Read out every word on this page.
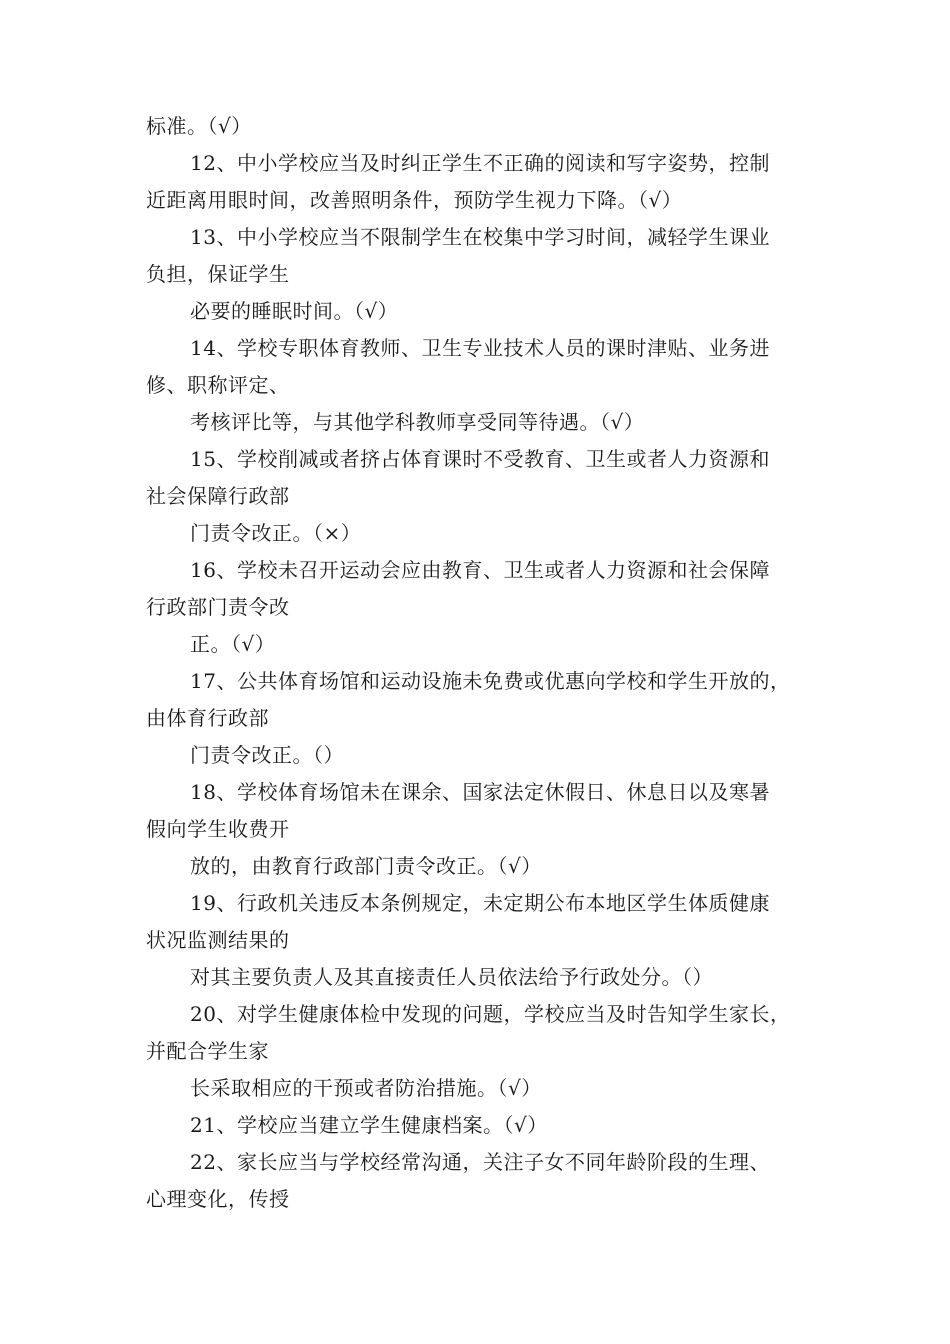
标准。（√）
12、中小学校应当及时纠正学生不正确的阅读和写字姿势，控制
近距离用眼时间，改善照明条件，预防学生视力下降。（√）
13、中小学校应当不限制学生在校集中学习时间，减轻学生课业
负担，保证学生
必要的睡眠时间。（√）
14、学校专职体育教师、卫生专业技术人员的课时津贴、业务进
修、职称评定、
考核评比等，与其他学科教师享受同等待遇。（√）
15、学校削减或者挤占体育课时不受教育、卫生或者人力资源和
社会保障行政部
门责令改正。（×）
16、学校未召开运动会应由教育、卫生或者人力资源和社会保障
行政部门责令改
正。（√）
17、公共体育场馆和运动设施未免费或优惠向学校和学生开放的，
由体育行政部
门责令改正。（）
18、学校体育场馆未在课余、国家法定休假日、休息日以及寒暑
假向学生收费开
放的，由教育行政部门责令改正。（√）
19、行政机关违反本条例规定，未定期公布本地区学生体质健康
状况监测结果的
对其主要负责人及其直接责任人员依法给予行政处分。（）
20、对学生健康体检中发现的问题，学校应当及时告知学生家长，
并配合学生家
长采取相应的干预或者防治措施。（√）
21、学校应当建立学生健康档案。（√）
22、家长应当与学校经常沟通，关注子女不同年龄阶段的生理、
心理变化，传授
